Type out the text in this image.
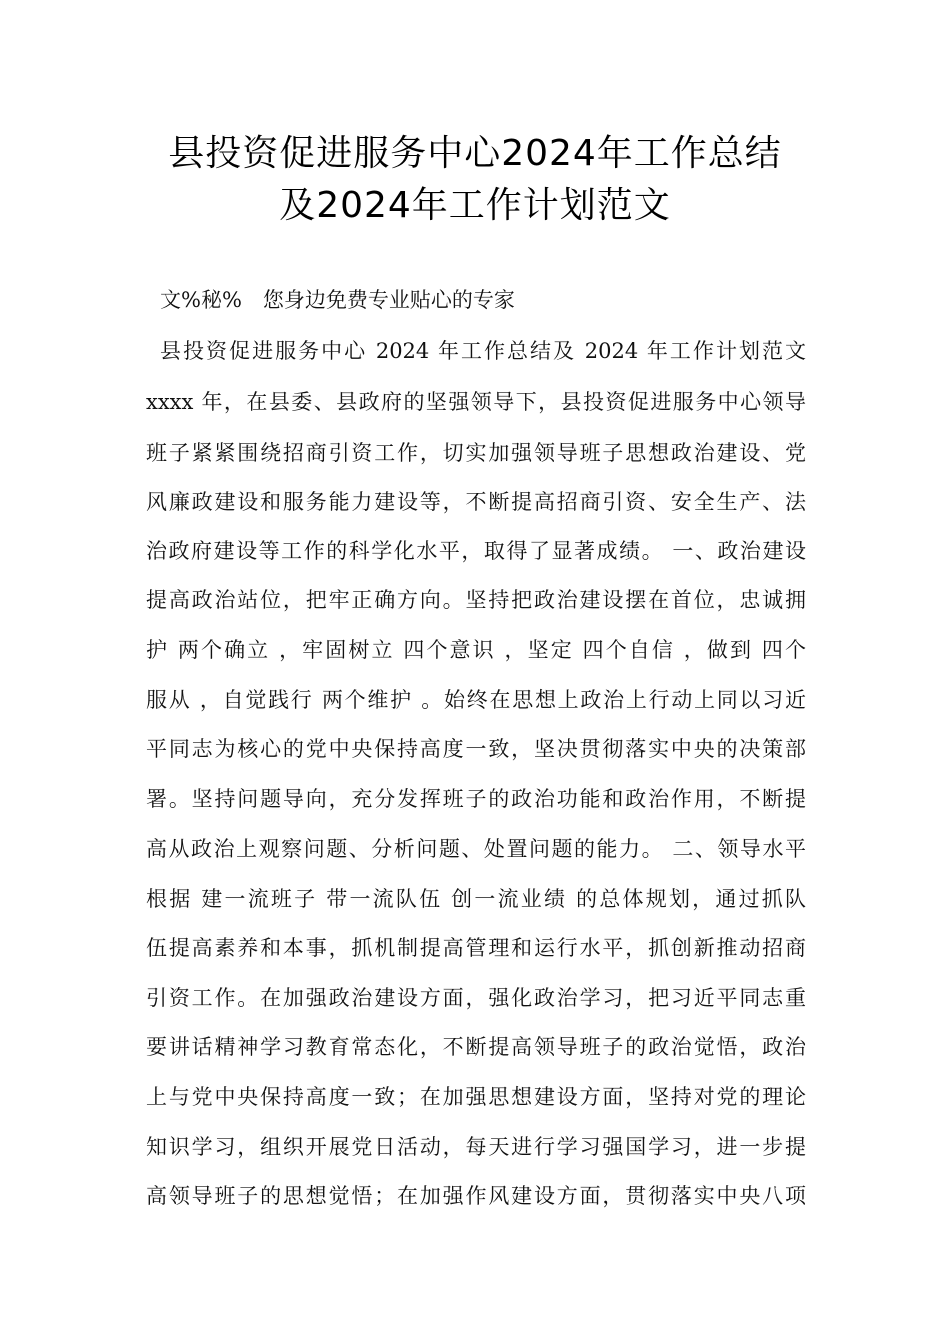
县投资促进服务中心2024年工作总结
及2024年工作计划范文
文%秘%　您身边免费专业贴心的专家
县投资促进服务中心 2024 年工作总结及 2024 年工作计划范文
xxxx 年，在县委、县政府的坚强领导下，县投资促进服务中心领导
班子紧紧围绕招商引资工作，切实加强领导班子思想政治建设、党
风廉政建设和服务能力建设等，不断提高招商引资、安全生产、法
治政府建设等工作的科学化水平，取得了显著成绩。 一、政治建设
提高政治站位，把牢正确方向。坚持把政治建设摆在首位，忠诚拥
护 两个确立 ，牢固树立 四个意识 ，坚定 四个自信 ，做到 四个
服从 ，自觉践行 两个维护 。始终在思想上政治上行动上同以习近
平同志为核心的党中央保持高度一致，坚决贯彻落实中央的决策部
署。坚持问题导向，充分发挥班子的政治功能和政治作用，不断提
高从政治上观察问题、分析问题、处置问题的能力。 二、领导水平
根据 建一流班子 带一流队伍 创一流业绩 的总体规划，通过抓队
伍提高素养和本事，抓机制提高管理和运行水平，抓创新推动招商
引资工作。在加强政治建设方面，强化政治学习，把习近平同志重
要讲话精神学习教育常态化，不断提高领导班子的政治觉悟，政治
上与党中央保持高度一致；在加强思想建设方面，坚持对党的理论
知识学习，组织开展党日活动，每天进行学习强国学习，进一步提
高领导班子的思想觉悟；在加强作风建设方面，贯彻落实中央八项
